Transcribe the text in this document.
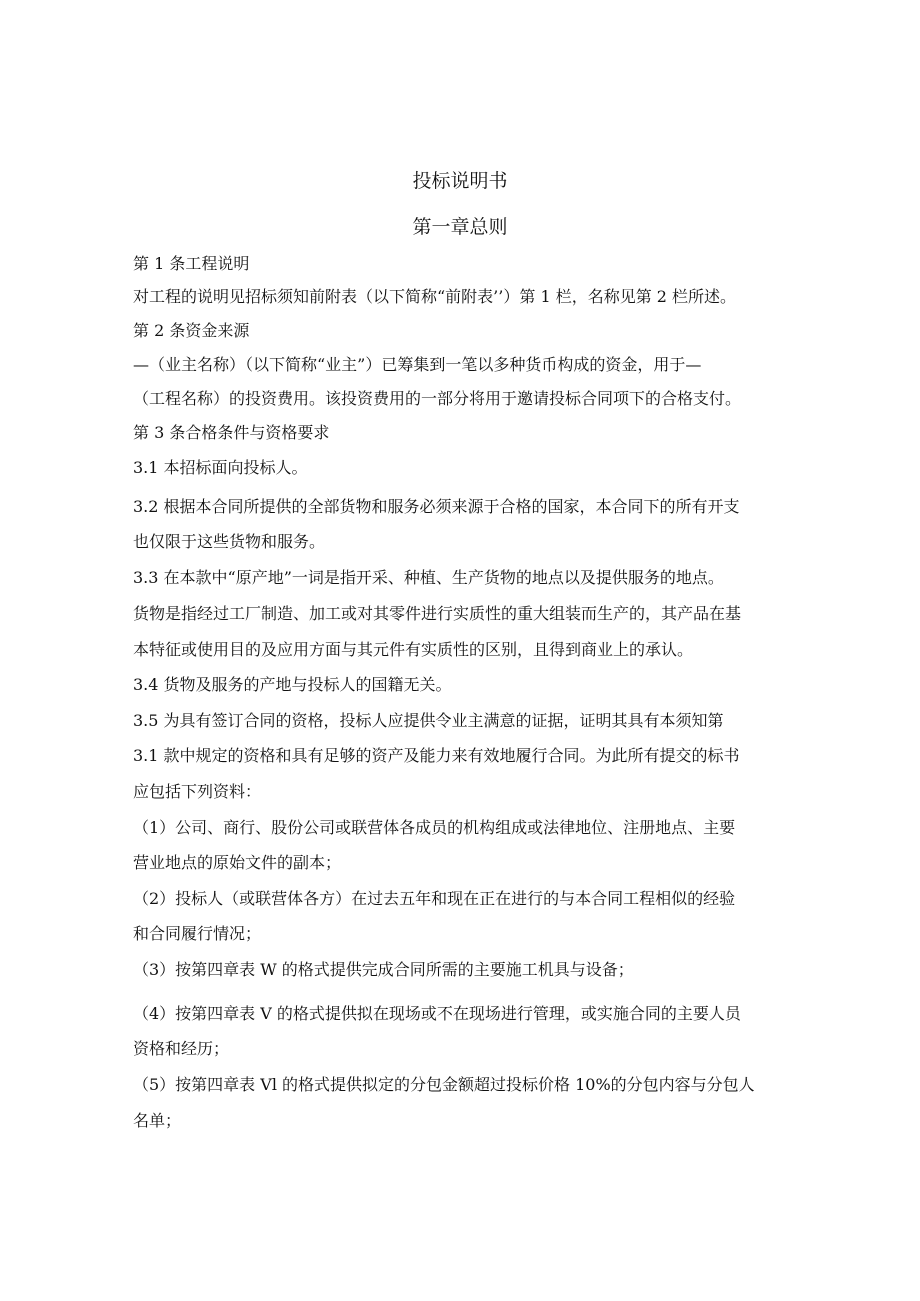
投标说明书
第一章总则
第 1 条工程说明
对工程的说明见招标须知前附表（以下简称“前附表’’）第 1 栏，名称见第 2 栏所述。
第 2 条资金来源
—（业主名称）（以下简称“业主”）已筹集到一笔以多种货币构成的资金，用于—
（工程名称）的投资费用。该投资费用的一部分将用于邀请投标合同项下的合格支付。
第 3 条合格条件与资格要求
3.1 本招标面向投标人。
3.2 根据本合同所提供的全部货物和服务必须来源于合格的国家，本合同下的所有开支
也仅限于这些货物和服务。
3.3 在本款中“原产地”一词是指开采、种植、生产货物的地点以及提供服务的地点。
货物是指经过工厂制造、加工或对其零件进行实质性的重大组装而生产的，其产品在基
本特征或使用目的及应用方面与其元件有实质性的区别，且得到商业上的承认。
3.4 货物及服务的产地与投标人的国籍无关。
3.5 为具有签订合同的资格，投标人应提供令业主满意的证据，证明其具有本须知第
3.1 款中规定的资格和具有足够的资产及能力来有效地履行合同。为此所有提交的标书
应包括下列资料：
（1）公司、商行、股份公司或联营体各成员的机构组成或法律地位、注册地点、主要
营业地点的原始文件的副本；
（2）投标人（或联营体各方）在过去五年和现在正在进行的与本合同工程相似的经验
和合同履行情况；
（3）按第四章表 W 的格式提供完成合同所需的主要施工机具与设备；
（4）按第四章表 V 的格式提供拟在现场或不在现场进行管理，或实施合同的主要人员
资格和经历；
（5）按第四章表 Vl 的格式提供拟定的分包金额超过投标价格 10%的分包内容与分包人
名单；
